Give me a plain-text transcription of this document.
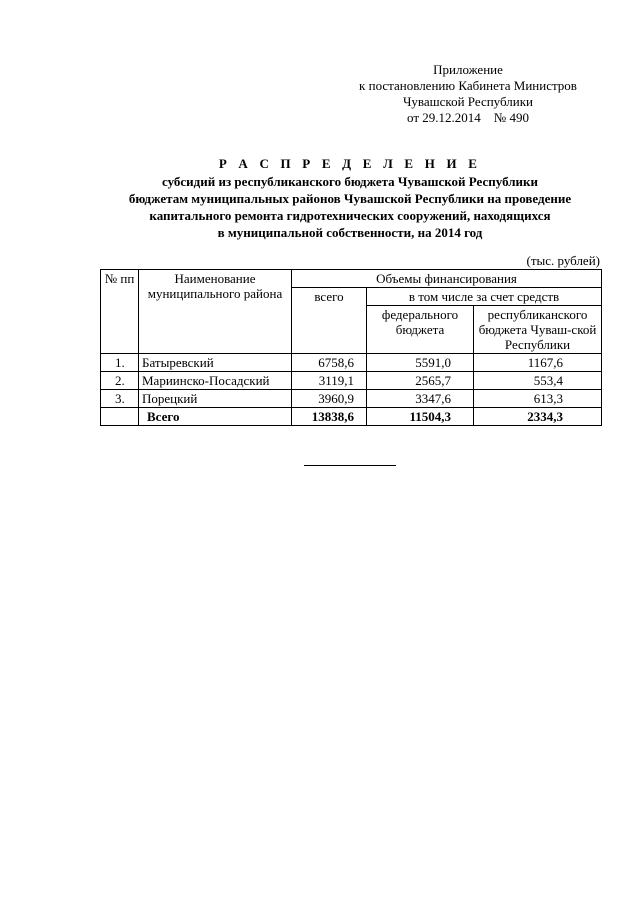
Приложение
к постановлению Кабинета Министров
Чувашской Республики
от 29.12.2014    № 490
Р А С П Р Е Д Е Л Е Н И Е
субсидий из республиканского бюджета Чувашской Республики
бюджетам муниципальных районов Чувашской Республики на проведение
капитального ремонта гидротехнических сооружений, находящихся
в муниципальной собственности, на 2014 год
(тыс. рублей)
№ пп	Наименование муниципального района	Объемы финансирования		
		всего	в том числе за счет средств	
			федерального бюджета	республиканского бюджета Чуваш-ской Республики
1.	Батыревский	6758,6	5591,0	1167,6
2.	Мариинско-Посадский	3119,1	2565,7	553,4
3.	Порецкий	3960,9	3347,6	613,3
	Всего	13838,6	11504,3	2334,3
